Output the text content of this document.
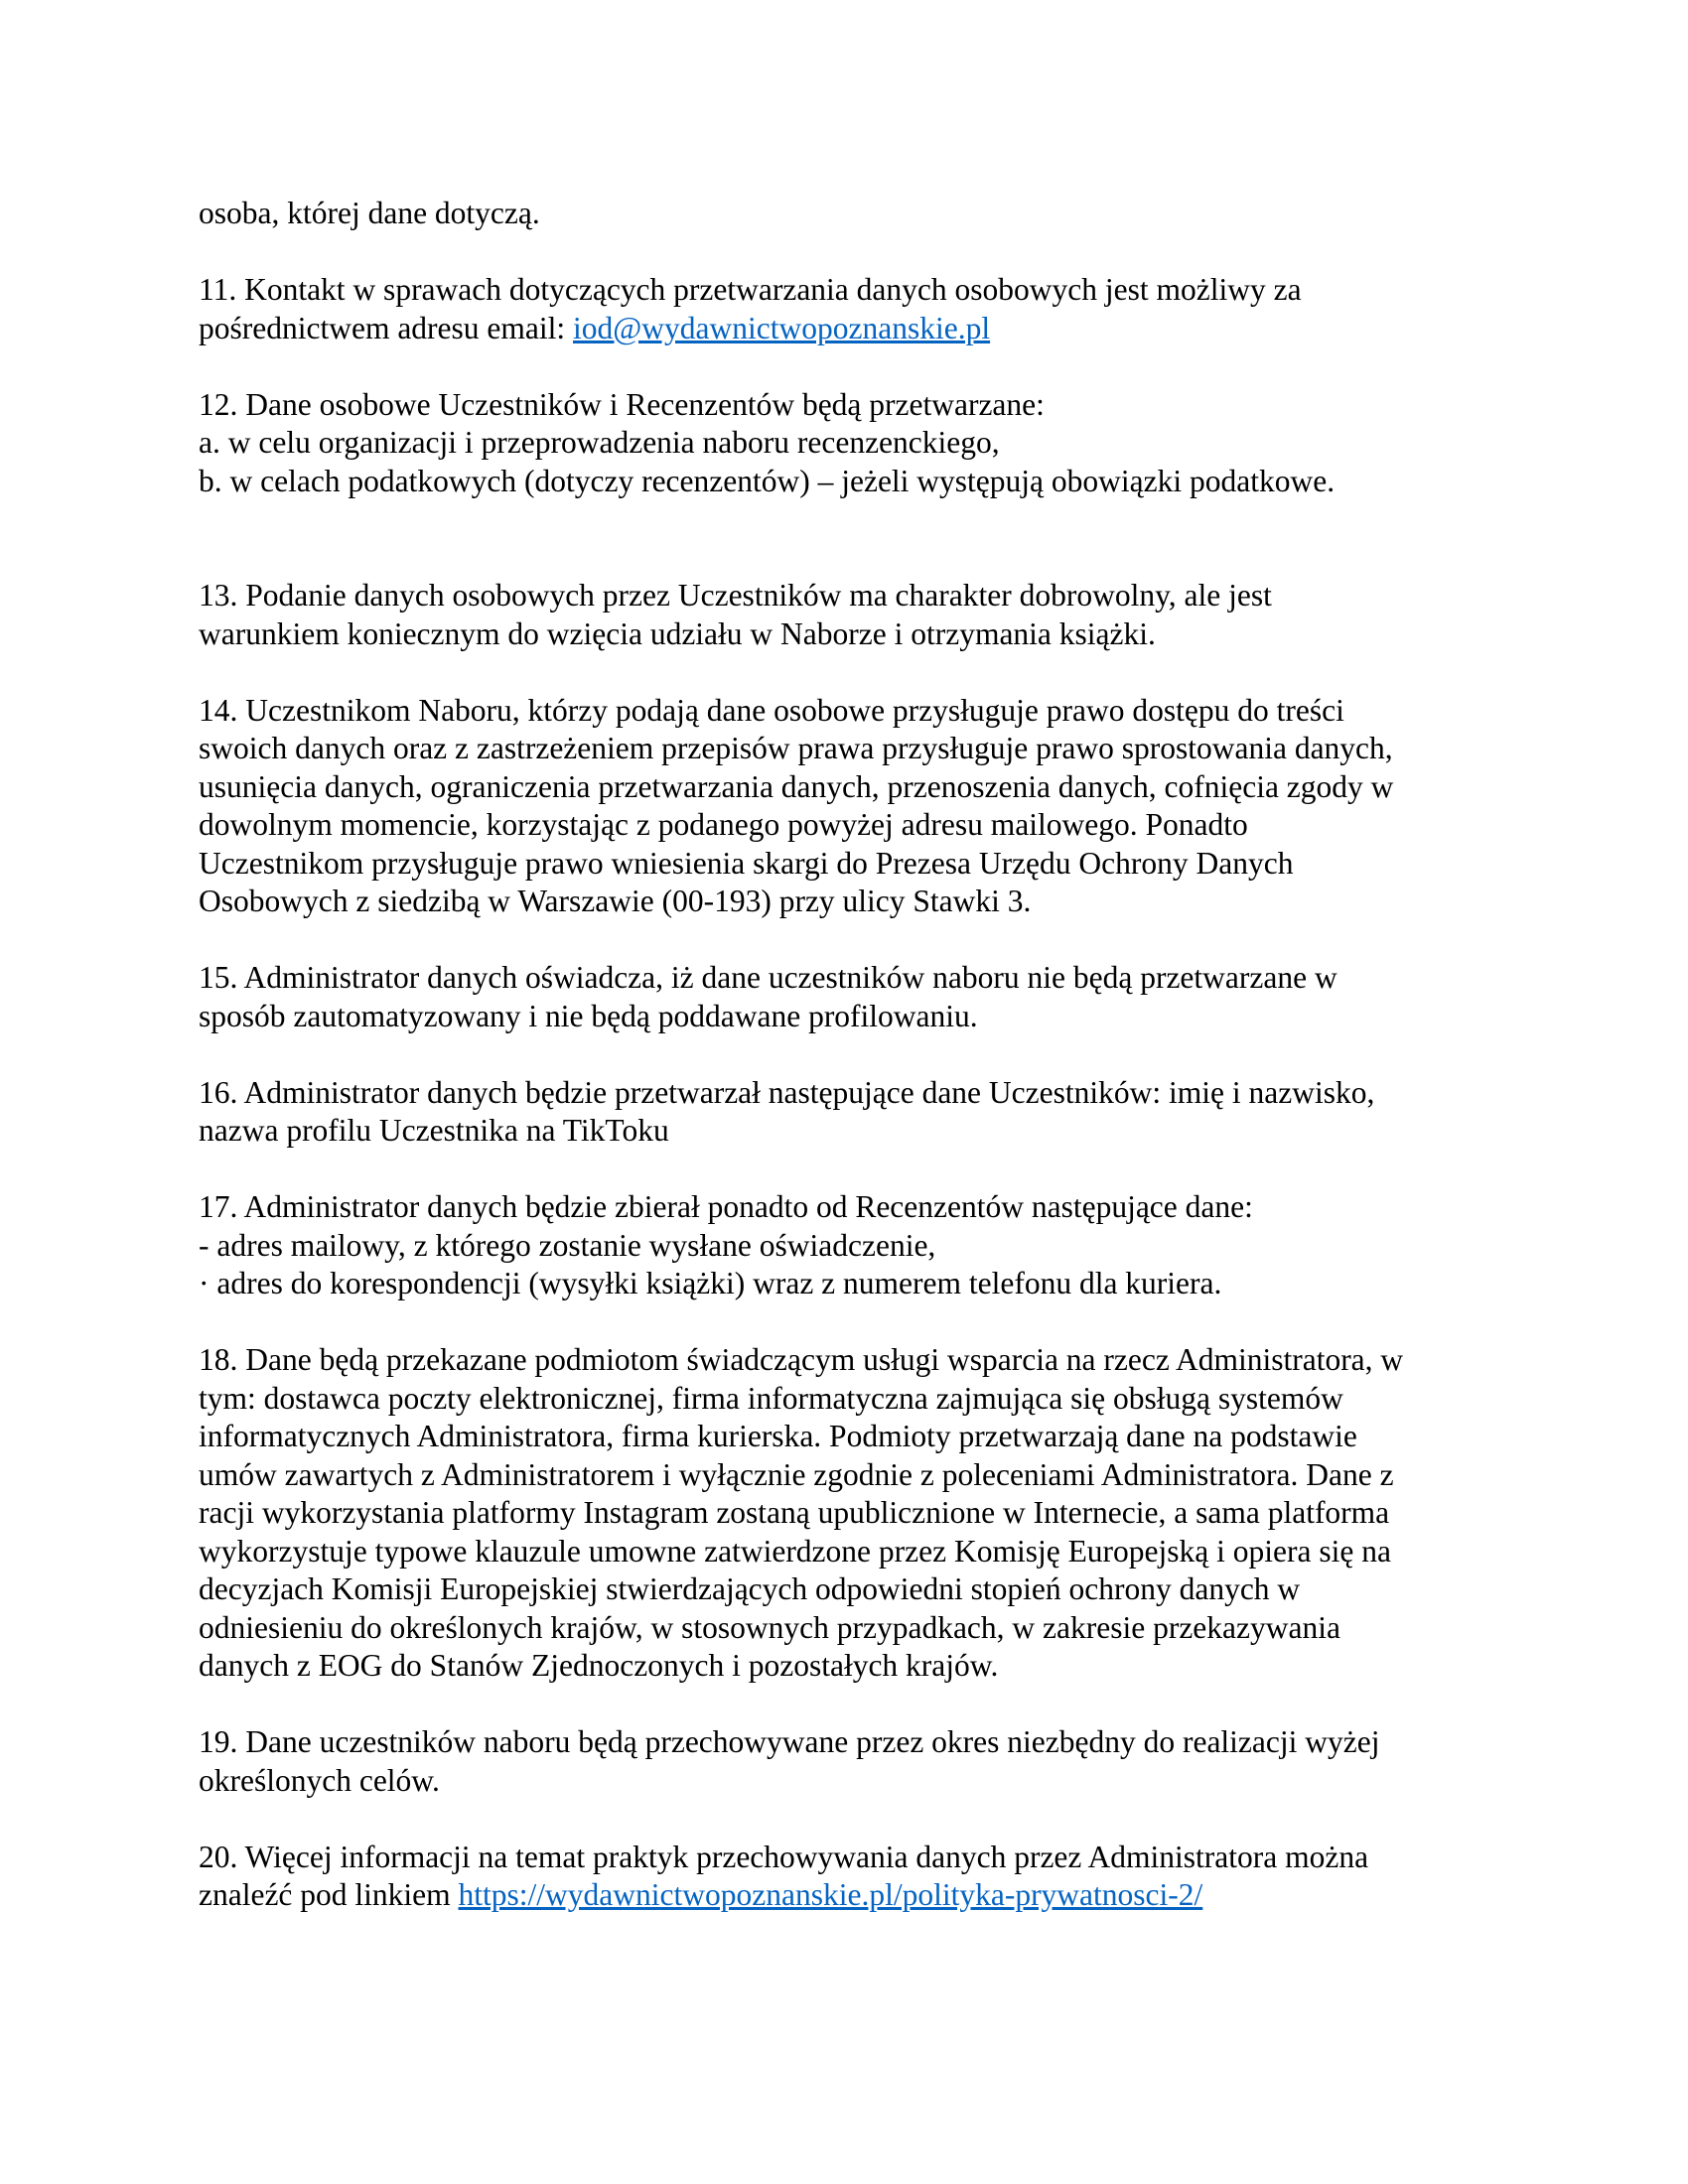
osoba, której dane dotyczą.

11. Kontakt w sprawach dotyczących przetwarzania danych osobowych jest możliwy za

pośrednictwem adresu email: iod@wydawnictwopoznanskie.pl

12. Dane osobowe Uczestników i Recenzentów będą przetwarzane:

a. w celu organizacji i przeprowadzenia naboru recenzenckiego,

b. w celach podatkowych (dotyczy recenzentów) – jeżeli występują obowiązki podatkowe.

13. Podanie danych osobowych przez Uczestników ma charakter dobrowolny, ale jest

warunkiem koniecznym do wzięcia udziału w Naborze i otrzymania książki.

14. Uczestnikom Naboru, którzy podają dane osobowe przysługuje prawo dostępu do treści

swoich danych oraz z zastrzeżeniem przepisów prawa przysługuje prawo sprostowania danych,

usunięcia danych, ograniczenia przetwarzania danych, przenoszenia danych, cofnięcia zgody w

dowolnym momencie, korzystając z podanego powyżej adresu mailowego. Ponadto

Uczestnikom przysługuje prawo wniesienia skargi do Prezesa Urzędu Ochrony Danych

Osobowych z siedzibą w Warszawie (00-193) przy ulicy Stawki 3.

15. Administrator danych oświadcza, iż dane uczestników naboru nie będą przetwarzane w

sposób zautomatyzowany i nie będą poddawane profilowaniu.

16. Administrator danych będzie przetwarzał następujące dane Uczestników: imię i nazwisko,

nazwa profilu Uczestnika na TikToku

17. Administrator danych będzie zbierał ponadto od Recenzentów następujące dane:

- adres mailowy, z którego zostanie wysłane oświadczenie,

· adres do korespondencji (wysyłki książki) wraz z numerem telefonu dla kuriera.

18. Dane będą przekazane podmiotom świadczącym usługi wsparcia na rzecz Administratora, w

tym: dostawca poczty elektronicznej, firma informatyczna zajmująca się obsługą systemów

informatycznych Administratora, firma kurierska. Podmioty przetwarzają dane na podstawie

umów zawartych z Administratorem i wyłącznie zgodnie z poleceniami Administratora. Dane z

racji wykorzystania platformy Instagram zostaną upublicznione w Internecie, a sama platforma

wykorzystuje typowe klauzule umowne zatwierdzone przez Komisję Europejską i opiera się na

decyzjach Komisji Europejskiej stwierdzających odpowiedni stopień ochrony danych w

odniesieniu do określonych krajów, w stosownych przypadkach, w zakresie przekazywania

danych z EOG do Stanów Zjednoczonych i pozostałych krajów.

19. Dane uczestników naboru będą przechowywane przez okres niezbędny do realizacji wyżej

określonych celów.

20. Więcej informacji na temat praktyk przechowywania danych przez Administratora można

znaleźć pod linkiem https://wydawnictwopoznanskie.pl/polityka-prywatnosci-2/
